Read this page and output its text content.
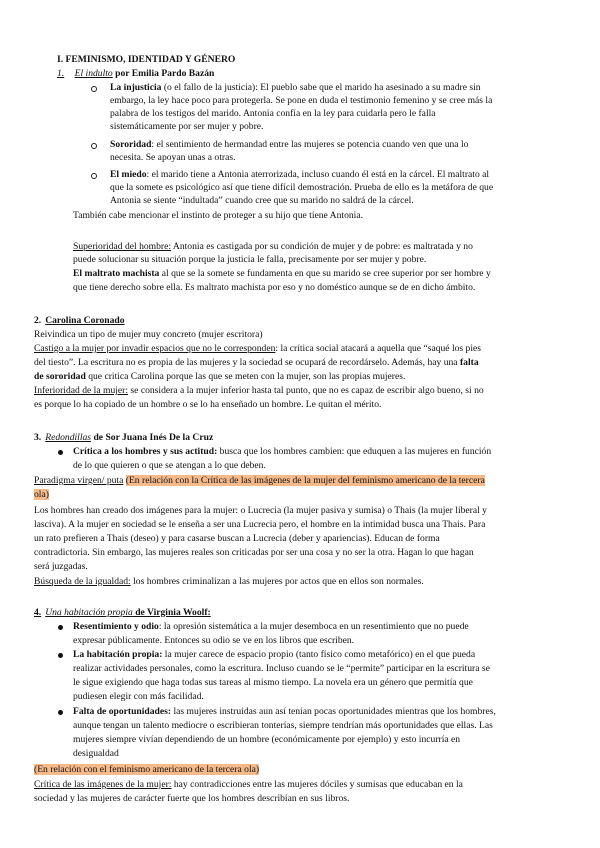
I. FEMINISMO, IDENTIDAD Y GÉNERO
1. El indulto por Emilia Pardo Bazán
La injusticia (o el fallo de la justicia): El pueblo sabe que el marido ha asesinado a su madre sin
embargo, la ley hace poco para protegerla. Se pone en duda el testimonio femenino y se cree más la
palabra de los testigos del marido. Antonia confía en la ley para cuidarla pero le falla
sistemáticamente por ser mujer y pobre.
Sororidad: el sentimiento de hermandad entre las mujeres se potencia cuando ven que una lo
necesita. Se apoyan unas a otras.
El miedo: el marido tiene a Antonia aterrorizada, incluso cuando él está en la cárcel. El maltrato al
que la somete es psicológico así que tiene difícil demostración. Prueba de ello es la metáfora de que
Antonia se siente “indultada” cuando cree que su marido no saldrá de la cárcel.
También cabe mencionar el instinto de proteger a su hijo que tiene Antonia.
Superioridad del hombre: Antonia es castigada por su condición de mujer y de pobre: es maltratada y no
puede solucionar su situación porque la justicia le falla, precisamente por ser mujer y pobre.
El maltrato machista al que se la somete se fundamenta en que su marido se cree superior por ser hombre y
que tiene derecho sobre ella. Es maltrato machista por eso y no doméstico aunque se de en dicho ámbito.
2. Carolina Coronado
Reivindica un tipo de mujer muy concreto (mujer escritora)
Castigo a la mujer por invadir espacios que no le corresponden: la crítica social atacará a aquella que “saqué los pies
del tiesto”. La escritura no es propia de las mujeres y la sociedad se ocupará de recordárselo. Además, hay una falta
de sororidad que critica Carolina porque las que se meten con la mujer, son las propias mujeres.
Inferioridad de la mujer: se considera a la mujer inferior hasta tal punto, que no es capaz de escribir algo bueno, si no
es porque lo ha copiado de un hombre o se lo ha enseñado un hombre. Le quitan el mérito.
3. Redondillas de Sor Juana Inés De la Cruz
Crítica a los hombres y sus actitud: busca que los hombres cambien: que eduquen a las mujeres en función
de lo que quieren o que se atengan a lo que deben.
Paradigma virgen/ puta (En relación con la Crítica de las imágenes de la mujer del feminismo americano de la tercera
ola)
Los hombres han creado dos imágenes para la mujer: o Lucrecia (la mujer pasiva y sumisa) o Thais (la mujer liberal y
lasciva). A la mujer en sociedad se le enseña a ser una Lucrecia pero, el hombre en la intimidad busca una Thais. Para
un rato prefieren a Thais (deseo) y para casarse buscan a Lucrecia (deber y apariencias). Educan de forma
contradictoria. Sin embargo, las mujeres reales son criticadas por ser una cosa y no ser la otra. Hagan lo que hagan
será juzgadas.
Búsqueda de la igualdad: los hombres criminalizan a las mujeres por actos que en ellos son normales.
4. Una habitación propia de Virginia Woolf:
Resentimiento y odio: la opresión sistemática a la mujer desemboca en un resentimiento que no puede
expresar públicamente. Entonces su odio se ve en los libros que escriben.
La habitación propia: la mujer carece de espacio propio (tanto físico como metafórico) en el que pueda
realizar actividades personales, como la escritura. Incluso cuando se le “permite” participar en la escritura se
le sigue exigiendo que haga todas sus tareas al mismo tiempo. La novela era un género que permitía que
pudiesen elegir con más facilidad.
Falta de oportunidades: las mujeres instruidas aun así tenían pocas oportunidades mientras que los hombres,
aunque tengan un talento mediocre o escribieran tonterías, siempre tendrían más oportunidades que ellas. Las
mujeres siempre vivían dependiendo de un hombre (económicamente por ejemplo) y esto incurría en
desigualdad
(En relación con el feminismo americano de la tercera ola)
Crítica de las imágenes de la mujer: hay contradicciones entre las mujeres dóciles y sumisas que educaban en la
sociedad y las mujeres de carácter fuerte que los hombres describían en sus libros.
